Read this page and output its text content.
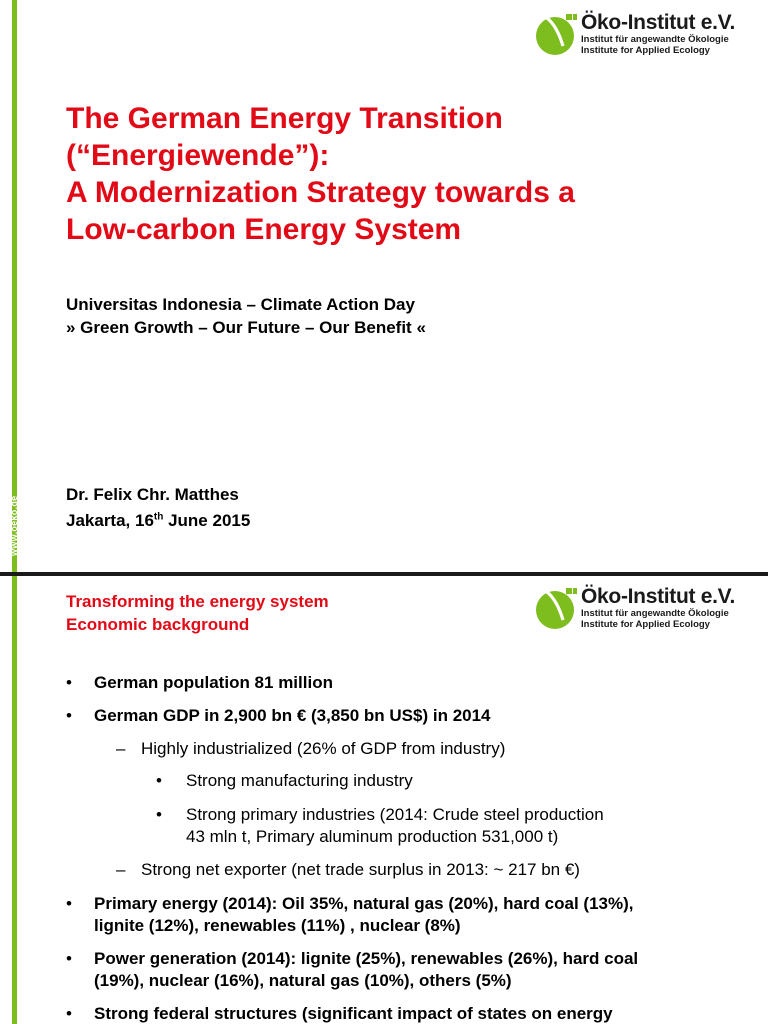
www.oeko.de
Öko-Institut e.V.
Institut für angewandte Ökologie
Institute for Applied Ecology
The German Energy Transition
(“Energiewende”):
A Modernization Strategy towards a
Low-carbon Energy System
Universitas Indonesia – Climate Action Day
» Green Growth – Our Future – Our Benefit «
Dr. Felix Chr. Matthes
Jakarta, 16th June 2015
Transforming the energy system
Economic background
Öko-Institut e.V.
Institut für angewandte Ökologie
Institute for Applied Ecology
• German population 81 million
• German GDP in 2,900 bn € (3,850 bn US$) in 2014
– Highly industrialized (26% of GDP from industry)
• Strong manufacturing industry
• Strong primary industries (2014: Crude steel production
43 mln t, Primary aluminum production 531,000 t)
– Strong net exporter (net trade surplus in 2013: ~ 217 bn €)
• Primary energy (2014): Oil 35%, natural gas (20%), hard coal (13%),
lignite (12%), renewables (11%) , nuclear (8%)
• Power generation (2014): lignite (25%), renewables (26%), hard coal
(19%), nuclear (16%), natural gas (10%), others (5%)
• Strong federal structures (significant impact of states on energy
